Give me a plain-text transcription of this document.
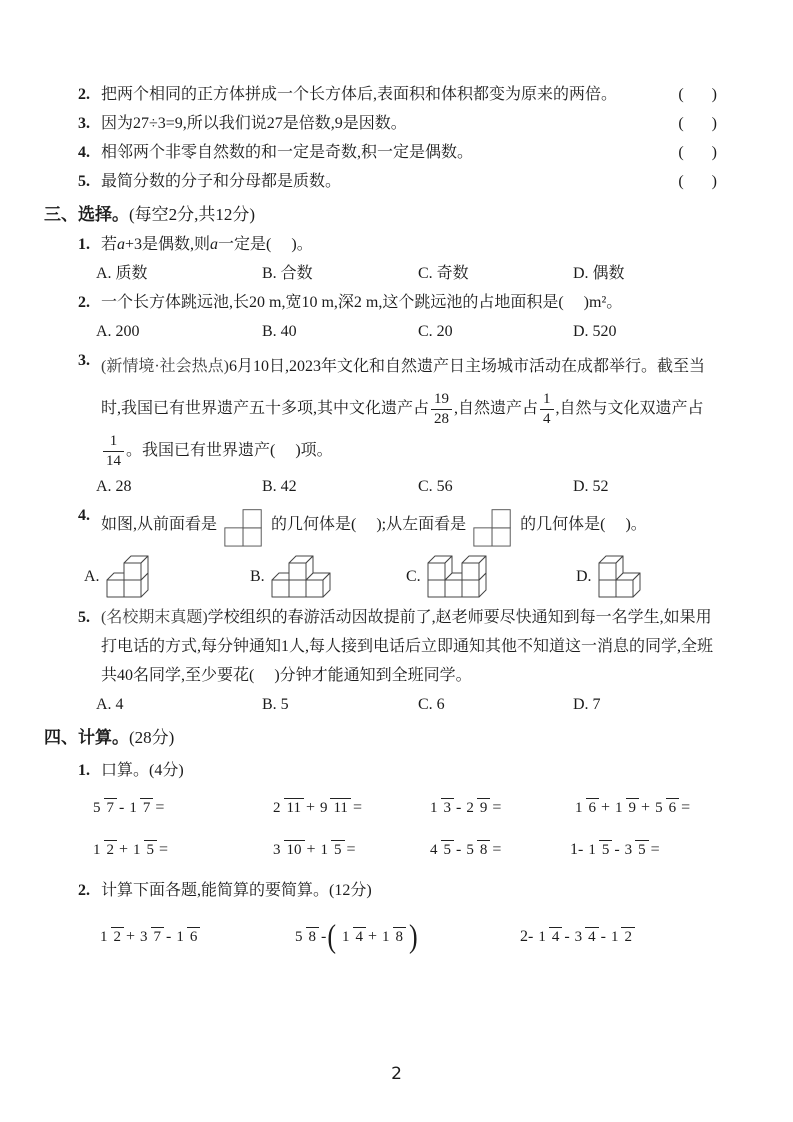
2. 把两个相同的正方体拼成一个长方体后,表面积和体积都变为原来的两倍。	(       )
3. 因为27÷3=9,所以我们说27是倍数,9是因数。	(       )
4. 相邻两个非零自然数的和一定是奇数,积一定是偶数。	(       )
5. 最简分数的分子和分母都是质数。	(       )
三、选择。(每空2分,共12分)
1. 若a+3是偶数,则a一定是(     )。
A. 质数	B. 合数	C. 奇数	D. 偶数
2. 一个长方体跳远池,长20 m,宽10 m,深2 m,这个跳远池的占地面积是(     )m²。
A. 200	B. 40	C. 20	D. 520
3. (新情境·社会热点)6月10日,2023年文化和自然遗产日主场城市活动在成都举行。截至当时,我国已有世界遗产五十多项,其中文化遗产占 $\frac{19}{28}$ ,自然遗产占 $\frac{1}{4}$ ,自然与文化双遗产占
$\frac{1}{14}$ 。我国已有世界遗产(     )项。
A. 28	B. 42	C. 56	D. 52
4.
如图,从前面看是	的几何体是(     );从左面看是	的几何体是(     )。
A.	B.	C.	D.
5. (名校期末真题)学校组织的春游活动因故提前了,赵老师要尽快通知到每一名学生,如果用打电话的方式,每分钟通知1人,每人接到电话后立即通知其他不知道这一消息的同学,全班共40名同学,至少要花(     )分钟才能通知到全班同学。
A. 4	B. 5	C. 6	D. 7
四、计算。(28分)
1. 口算。(4分)
5 7 - 1 7 =	2 11 + 9 11 =	1 3 - 2 9 =	1 6 + 1 9 + 5 6 =
1 2 + 1 5 =	3 10 + 1 5 =	4 5 - 5 8 =	1- 1 5 - 3 5 =
2. 计算下面各题,能简算的要简算。(12分)
1 2 + 3 7 - 1 6	5 8 - ( 1 4 + 1 8 )	2- 1 4 - 3 4 - 1 2
2
